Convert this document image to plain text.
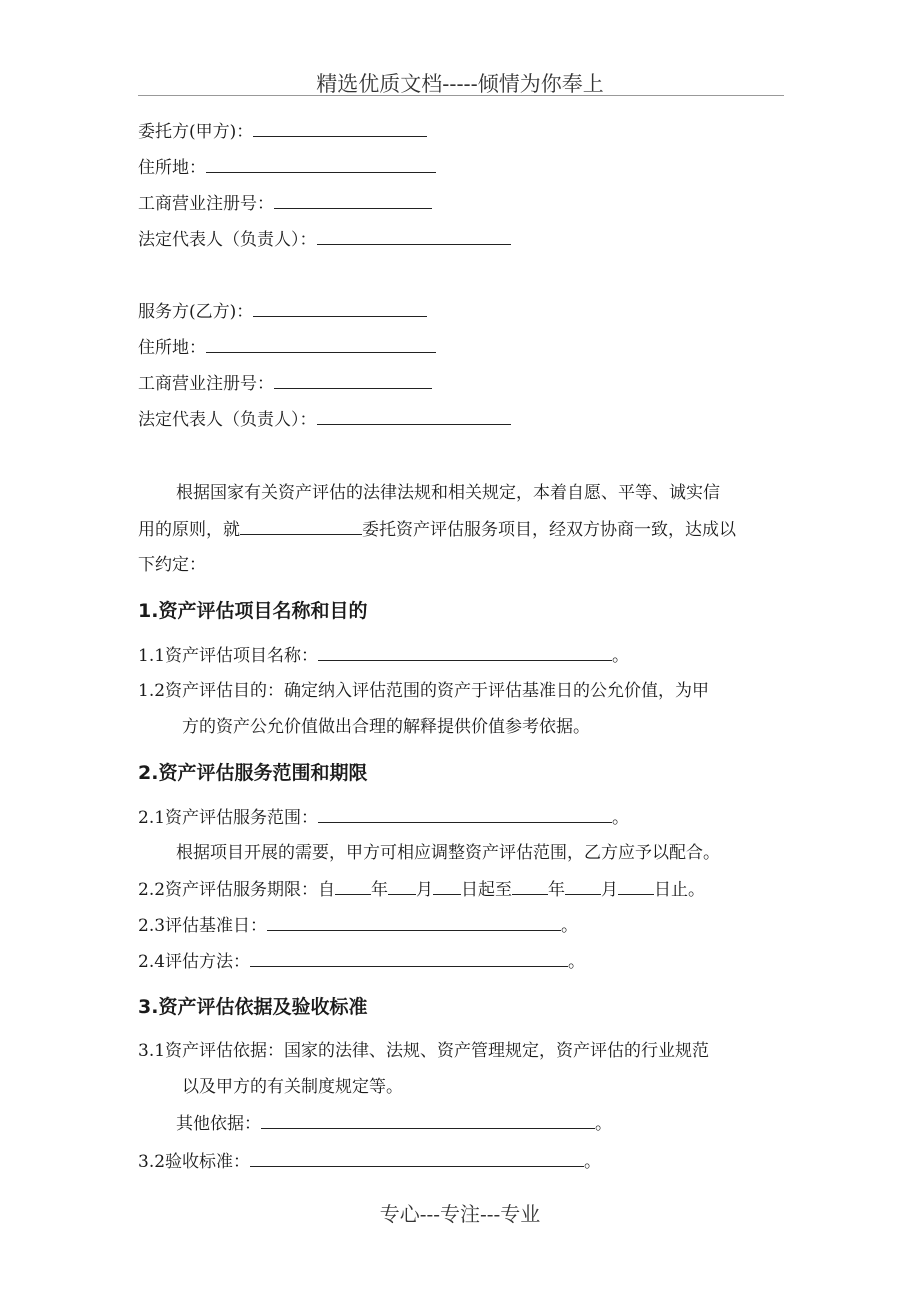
精选优质文档-----倾情为你奉上
委托方(甲方)：
住所地：
工商营业注册号：
法定代表人（负责人）：
服务方(乙方)：
住所地：
工商营业注册号：
法定代表人（负责人）：
根据国家有关资产评估的法律法规和相关规定，本着自愿、平等、诚实信
用的原则，就	委托资产评估服务项目，经双方协商一致，达成以
下约定：
1.资产评估项目名称和目的
1.1资产评估项目名称：	。
1.2资产评估目的：确定纳入评估范围的资产于评估基准日的公允价值，为甲
方的资产公允价值做出合理的解释提供价值参考依据。
2.资产评估服务范围和期限
2.1资产评估服务范围：	。
根据项目开展的需要，甲方可相应调整资产评估范围，乙方应予以配合。
2.2资产评估服务期限：自 年 月 日起至 年 月 日止。
2.3评估基准日：	。
2.4评估方法：	。
3.资产评估依据及验收标准
3.1资产评估依据：国家的法律、法规、资产管理规定，资产评估的行业规范
以及甲方的有关制度规定等。
其他依据：	。
3.2验收标准：	。
专心---专注---专业
